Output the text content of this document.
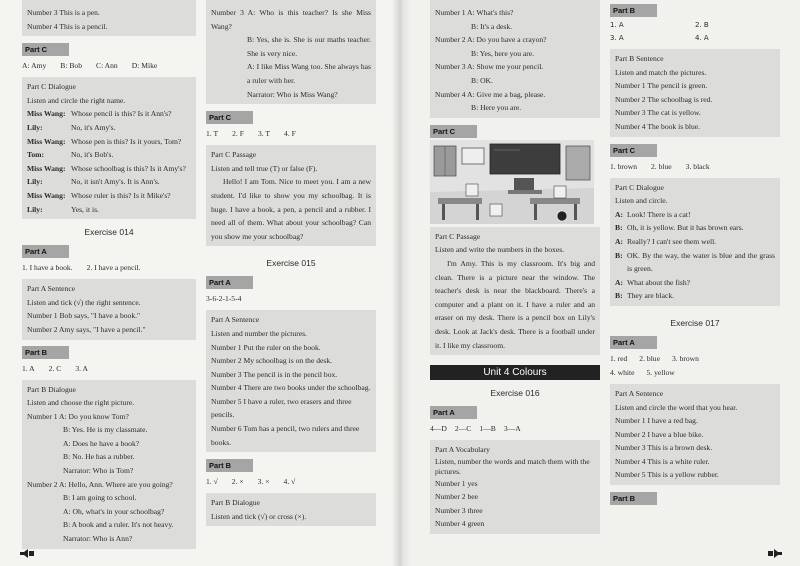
Number 3 This is a pen.

Number 4 This is a pencil.

Part C
A: Amy B: Bob C: Ann D: Mike

Part C Dialogue

Listen and circle the right name.

Miss Wang: Whose pencil is this? Is it Ann's?
Lily:	No, it's Amy's.
Miss Wang: Whose pen is this? Is it yours, Tom?
Tom:	No, it's Bob's.
Miss Wang: Whose schoolbag is this? Is it Amy's?
Lily:	No, it isn't Amy's. It is Ann's.
Miss Wang: Whose ruler is this? Is it Mike's?
Lily:	Yes, it is.
Exercise 014
Part A
1. I have a book. 2. I have a pencil.

Part A Sentence

Listen and tick (√) the right sentence.

Number 1 Bob says, "I have a book."

Number 2 Amy says, "I have a pencil."

Part B
1. A 2. C 3. A

Part B Dialogue

Listen and choose the right picture.

Number 1 A: Do you know Tom?

B: Yes. He is my classmate.

A: Does he have a book?

B: No. He has a rubber.

Narrator: Who is Tom?

Number 2 A: Hello, Ann. Where are you going?

B: I am going to school.

A: Oh, what's in your schoolbag?

B: A book and a ruler. It's not heavy.

Narrator: Who is Ann?

Number 3 A: Who is this teacher? Is she Miss Wang?

B: Yes, she is. She is our maths teacher. She is very nice.

A: I like Miss Wang too. She always has a ruler with her.

Narrator: Who is Miss Wang?

Part C
1. T 2. F 3. T 4. F

Part C Passage

Listen and tell true (T) or false (F).

Hello! I am Tom. Nice to meet you. I am a new student. I'd like to show you my schoolbag. It is huge. I have a book, a pen, a pencil and a rubber. I need all of them. What about your schoolbag? Can you show me your schoolbag?

Exercise 015
Part A
3-6-2-1-5-4

Part A Sentence

Listen and number the pictures.

Number 1 Put the ruler on the book.

Number 2 My schoolbag is on the desk.

Number 3 The pencil is in the pencil box.

Number 4 There are two books under the schoolbag.

Number 5 I have a ruler, two erasers and three pencils.

Number 6 Tom has a pencil, two rulers and three books.

Part B
1. √ 2. × 3. × 4. √

Part B Dialogue

Listen and tick (√) or cross (×).

Number 1 A: What's this?

B: It's a desk.

Number 2 A: Do you have a crayon?

B: Yes, here you are.

Number 3 A: Show me your pencil.

B: OK.

Number 4 A: Give me a bag, please.

B: Here you are.

Part C

Part C Passage

Listen and write the numbers in the boxes.

I'm Amy. This is my classroom. It's big and clean. There is a picture near the window. The teacher's desk is near the blackboard. There's a computer and a plant on it. I have a ruler and an eraser on my desk. There is a pencil box on Lily's desk. Look at Jack's desk. There is a football under it. I like my classroom.

Unit 4 Colours
Exercise 016
Part A
4—D 2—C 1—B 3—A

Part A Vocabulary

Listen, number the words and match them with the pictures.

Number 1 yes

Number 2 bee

Number 3 three

Number 4 green

Part B
1. A	2. B
3. A	4. A

Part B Sentence

Listen and match the pictures.

Number 1 The pencil is green.

Number 2 The schoolbag is red.

Number 3 The cat is yellow.

Number 4 The book is blue.

Part C
1. brown 2. blue 3. black

Part C Dialogue

Listen and circle.

A: Look! There is a cat!
B: Oh, it is yellow. But it has brown ears.
A: Really? I can't see them well.
B: OK. By the way, the water is blue and the grass is green.
A: What about the fish?
B: They are black.
Exercise 017
Part A
1. red 2. blue 3. brown
4. white 5. yellow

Part A Sentence

Listen and circle the word that you hear.

Number 1 I have a red bag.

Number 2 I have a blue bike.

Number 3 This is a brown desk.

Number 4 This is a white ruler.

Number 5 This is a yellow rubber.

Part B
